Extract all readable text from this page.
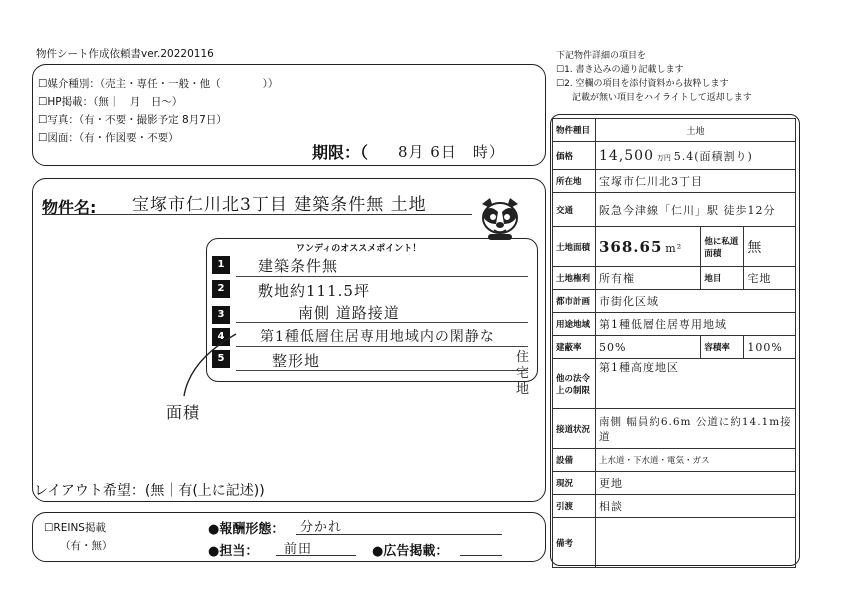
物件シート作成依頼書ver.20220116
☐媒介種別：（売主・専任・一般・他（　　　　））
☐HP掲載：（無｜　月　日〜）
☐写真：（有・不要・撮影予定 8月7日）
☐図面：（有・作図要・不要）
期限：（ 8月 6日　時）
物件名: 宝塚市仁川北3丁目 建築条件無 土地
ワンディのオススメポイント！
1	建築条件無
2	敷地約111.5坪
南側 道路接道
3
第1種低層住居専用地域内の閑静な
4
5	整形地
面積
住宅地
レイアウト希望：(無｜有(上に記述))
☐REINS掲載
（有・無）
●報酬形態： 分かれ
●担当： 前田	●広告掲載：
下記物件詳細の項目を
☐1. 書き込みの通り記載します
☐2. 空欄の項目を添付資料から抜粋します
記載が無い項目をハイライトして返却します
物件種目	土地		
価格	14,500 万円 5.4(面積割り)		
所在地	宝塚市仁川北3丁目		
交通	阪急今津線「仁川」駅 徒歩12分		
土地面積	368.65 m²	他に私道面積	無
土地権利	所有権	地目	宅地
都市計画	市街化区域		
用途地域	第1種低層住居専用地域		
建蔽率	50%	容積率	100%
他の法令上の制限	第1種高度地区		
接道状況	南側 幅員約6.6m 公道に約14.1m接道		
設備	上水道・下水道・電気・ガス		
現況	更地		
引渡	相談		
備考			
